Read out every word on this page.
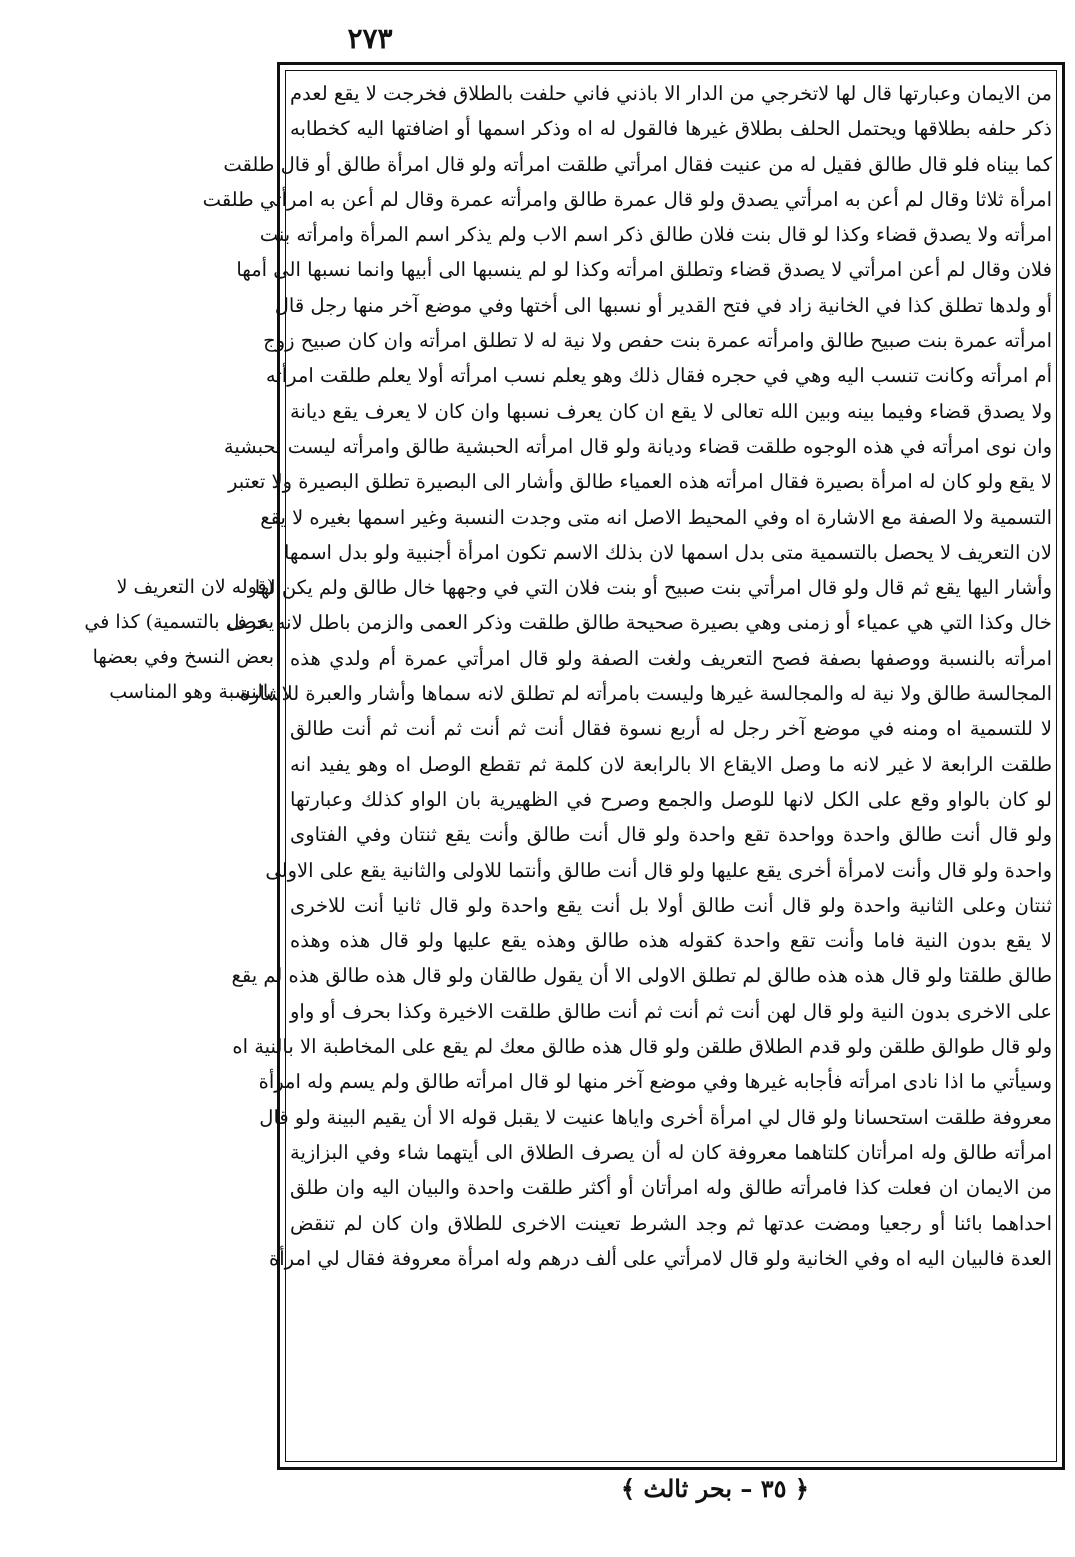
٢٧٣
(قوله لان التعريف لا
يحصل بالتسمية) كذا في
بعض النسخ وفي بعضها
بالنسبة وهو المناسب
من الايمان وعبارتها قال لها لاتخرجي من الدار الا باذني فاني حلفت بالطلاق فخرجت لا يقع لعدم
ذكر حلفه بطلاقها ويحتمل الحلف بطلاق غيرها فالقول له اه وذكر اسمها أو اضافتها اليه كخطابه
كما بيناه فلو قال طالق فقيل له من عنيت فقال امرأتي طلقت امرأته ولو قال امرأة طالق أو قال طلقت
امرأة ثلاثا وقال لم أعن به امرأتي يصدق ولو قال عمرة طالق وامرأته عمرة وقال لم أعن به امرأتي طلقت
امرأته ولا يصدق قضاء وكذا لو قال بنت فلان طالق ذكر اسم الاب ولم يذكر اسم المرأة وامرأته بنت
فلان وقال لم أعن امرأتي لا يصدق قضاء وتطلق امرأته وكذا لو لم ينسبها الى أبيها وانما نسبها الى أمها
أو ولدها تطلق كذا في الخانية زاد في فتح القدير أو نسبها الى أختها وفي موضع آخر منها رجل قال
امرأته عمرة بنت صبيح طالق وامرأته عمرة بنت حفص ولا نية له لا تطلق امرأته وان كان صبيح زوج
أم امرأته وكانت تنسب اليه وهي في حجره فقال ذلك وهو يعلم نسب امرأته أولا يعلم طلقت امرأته
ولا يصدق قضاء وفيما بينه وبين الله تعالى لا يقع ان كان يعرف نسبها وان كان لا يعرف يقع ديانة
وان نوى امرأته في هذه الوجوه طلقت قضاء وديانة ولو قال امرأته الحبشية طالق وامرأته ليست بحبشية
لا يقع ولو كان له امرأة بصيرة فقال امرأته هذه العمياء طالق وأشار الى البصيرة تطلق البصيرة ولا تعتبر
التسمية ولا الصفة مع الاشارة اه وفي المحيط الاصل انه متى وجدت النسبة وغير اسمها بغيره لا يقع
لان التعريف لا يحصل بالتسمية متى بدل اسمها لان بذلك الاسم تكون امرأة أجنبية ولو بدل اسمها
وأشار اليها يقع ثم قال ولو قال امرأتي بنت صبيح أو بنت فلان التي في وجهها خال طالق ولم يكن لها
خال وكذا التي هي عمياء أو زمنى وهي بصيرة صحيحة طالق طلقت وذكر العمى والزمن باطل لانه عرف
امرأته بالنسبة ووصفها بصفة فصح التعريف ولغت الصفة ولو قال امرأتي عمرة أم ولدي هذه
المجالسة طالق ولا نية له والمجالسة غيرها وليست بامرأته لم تطلق لانه سماها وأشار والعبرة للاشارة
لا للتسمية اه ومنه في موضع آخر رجل له أربع نسوة فقال أنت ثم أنت ثم أنت ثم أنت طالق
طلقت الرابعة لا غير لانه ما وصل الايقاع الا بالرابعة لان كلمة ثم تقطع الوصل اه وهو يفيد انه
لو كان بالواو وقع على الكل لانها للوصل والجمع وصرح في الظهيرية بان الواو كذلك وعبارتها
ولو قال أنت طالق واحدة وواحدة تقع واحدة ولو قال أنت طالق وأنت يقع ثنتان وفي الفتاوى
واحدة ولو قال وأنت لامرأة أخرى يقع عليها ولو قال أنت طالق وأنتما للاولى والثانية يقع على الاولى
ثنتان وعلى الثانية واحدة ولو قال أنت طالق أولا بل أنت يقع واحدة ولو قال ثانيا أنت للاخرى
لا يقع بدون النية فاما وأنت تقع واحدة كقوله هذه طالق وهذه يقع عليها ولو قال هذه وهذه
طالق طلقتا ولو قال هذه هذه طالق لم تطلق الاولى الا أن يقول طالقان ولو قال هذه طالق هذه لم يقع
على الاخرى بدون النية ولو قال لهن أنت ثم أنت ثم أنت طالق طلقت الاخيرة وكذا بحرف أو واو
ولو قال طوالق طلقن ولو قدم الطلاق طلقن ولو قال هذه طالق معك لم يقع على المخاطبة الا بالنية اه
وسيأتي ما اذا نادى امرأته فأجابه غيرها وفي موضع آخر منها لو قال امرأته طالق ولم يسم وله امرأة
معروفة طلقت استحسانا ولو قال لي امرأة أخرى واياها عنيت لا يقبل قوله الا أن يقيم البينة ولو قال
امرأته طالق وله امرأتان كلتاهما معروفة كان له أن يصرف الطلاق الى أيتهما شاء وفي البزازية
من الايمان ان فعلت كذا فامرأته طالق وله امرأتان أو أكثر طلقت واحدة والبيان اليه وان طلق
احداهما بائنا أو رجعيا ومضت عدتها ثم وجد الشرط تعينت الاخرى للطلاق وان كان لم تنقض
العدة فالبيان اليه اه وفي الخانية ولو قال لامرأتي على ألف درهم وله امرأة معروفة فقال لي امرأة
﴿ ٣٥ – بحر ثالث ﴾
